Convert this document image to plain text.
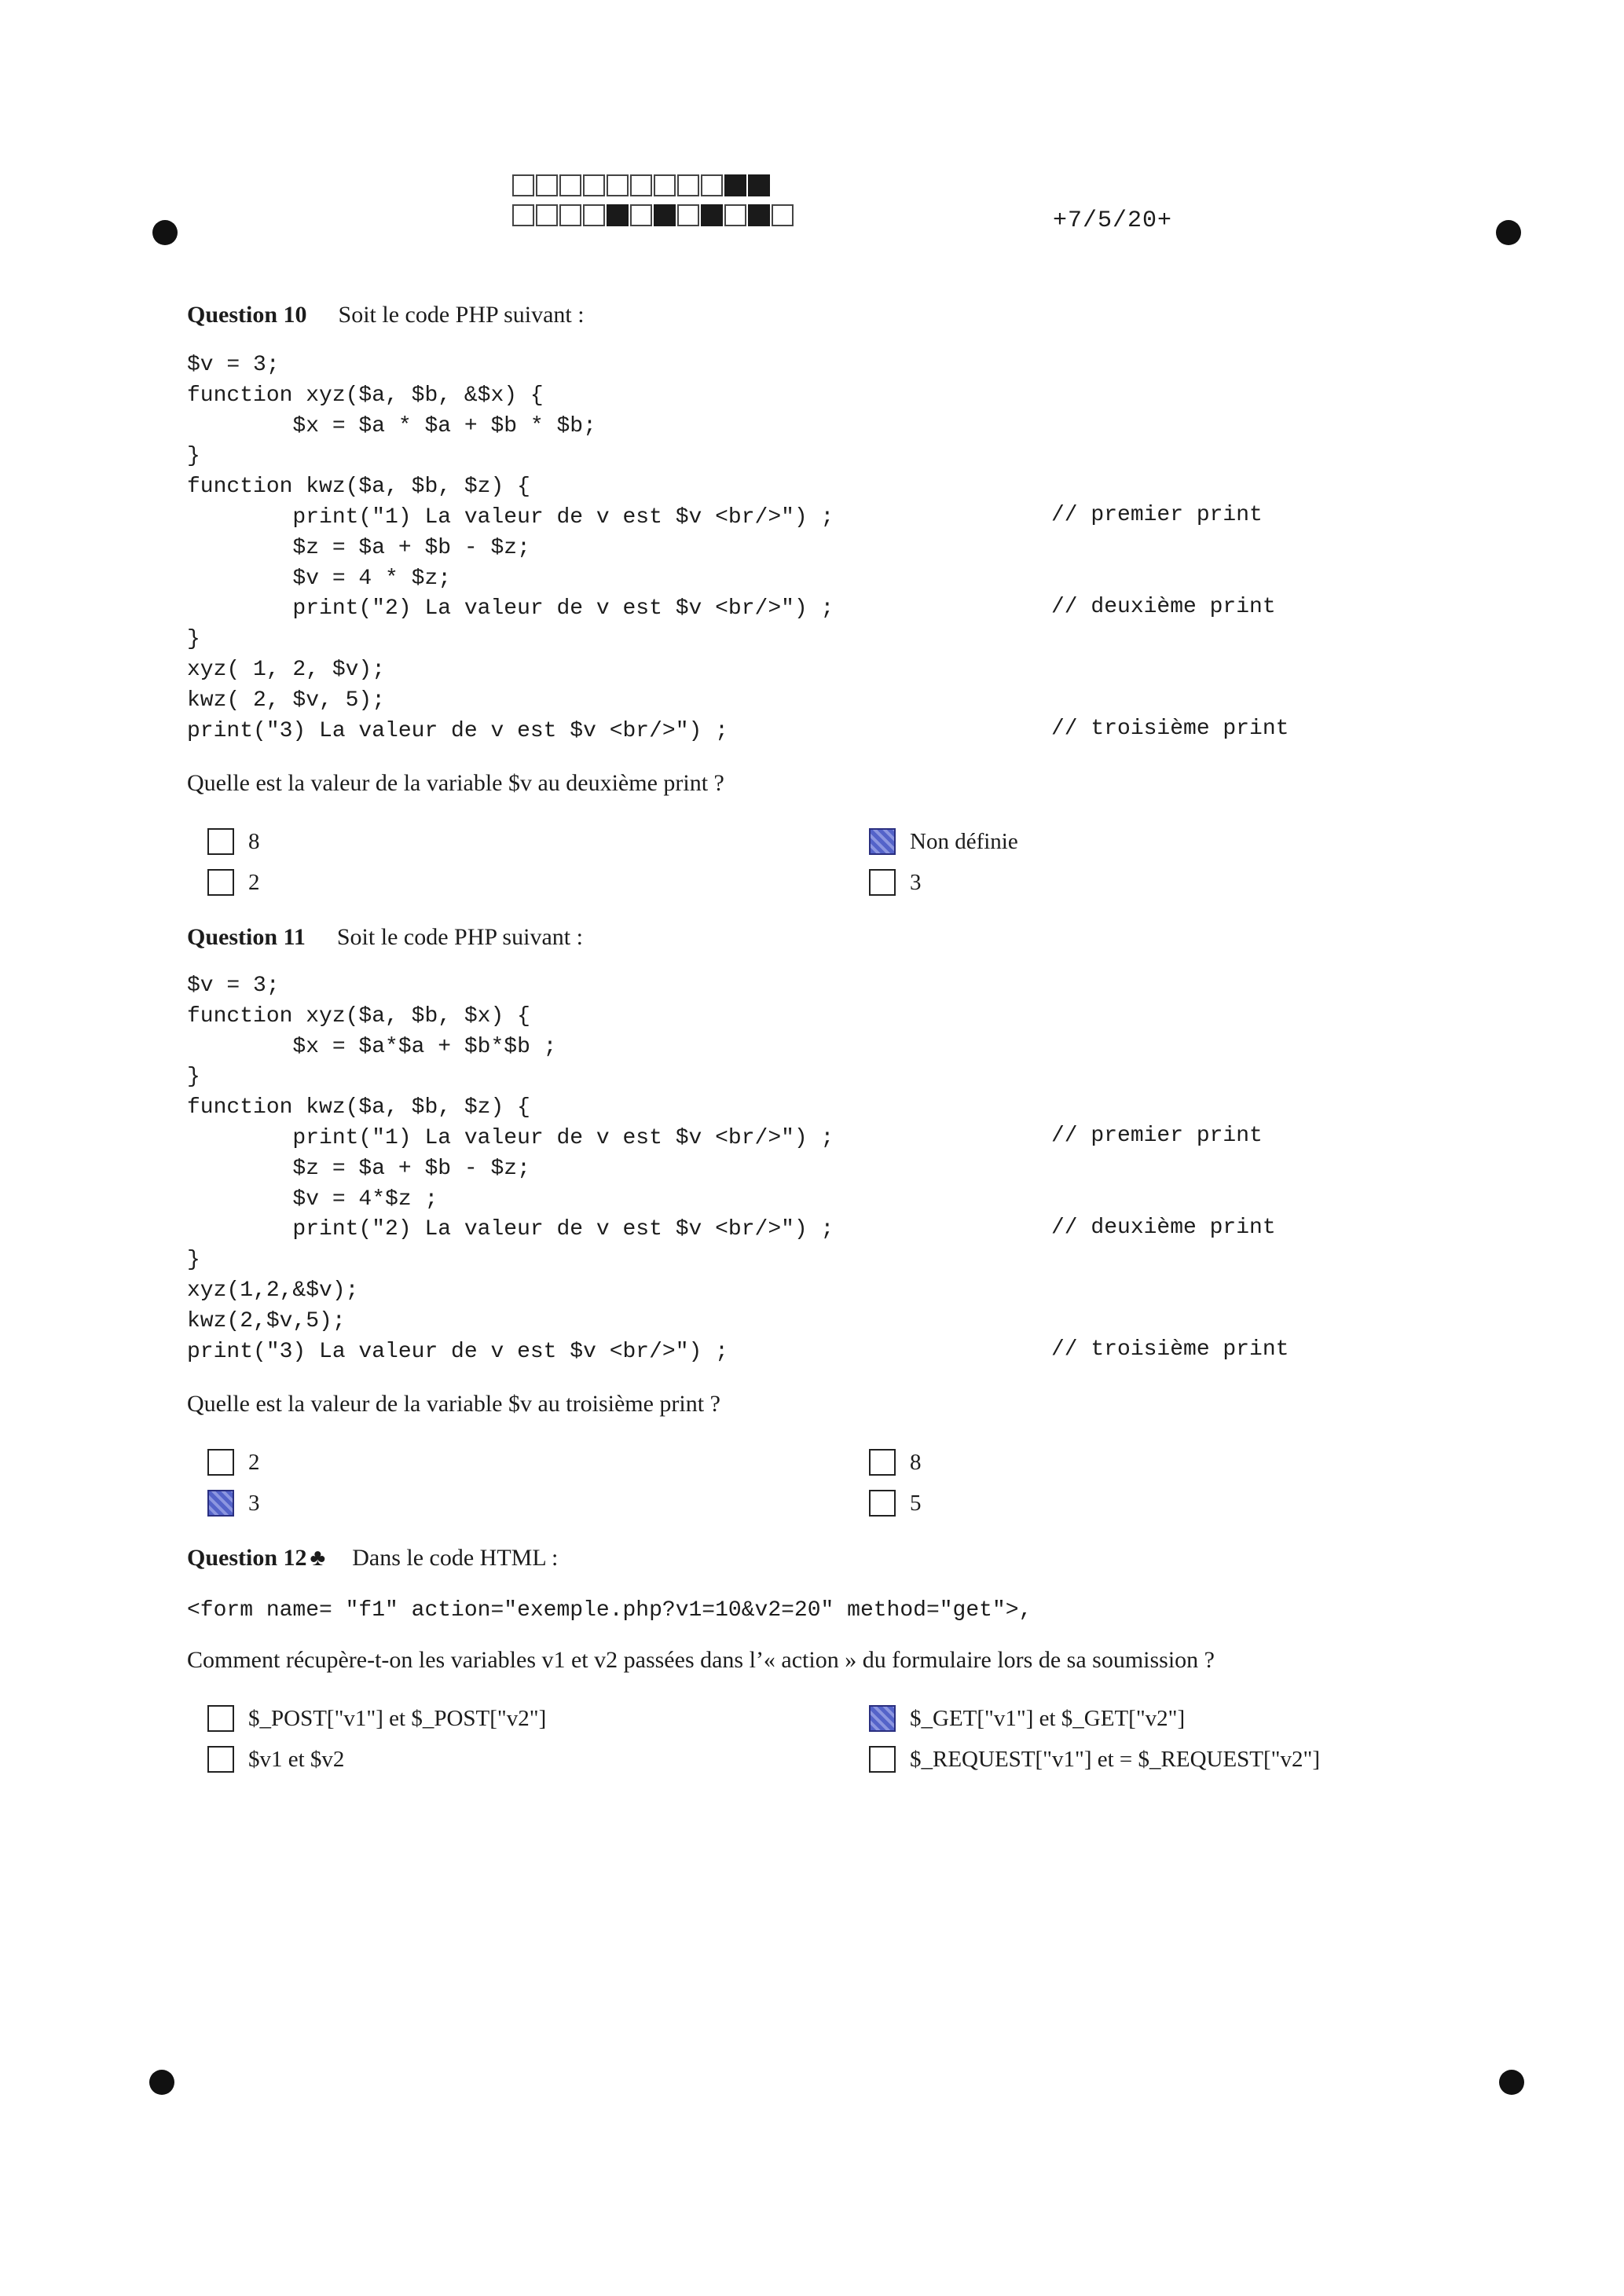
+7/5/20+
Question 10 Soit le code PHP suivant :
$v = 3;
function xyz($a, $b, &$x) {
$x = $a * $a + $b * $b;
}
function kwz($a, $b, $z) {
print("1) La valeur de v est $v <br/>") ;
$z = $a + $b - $z;
$v = 4 * $z;
print("2) La valeur de v est $v <br/>") ;
}
xyz( 1, 2, $v);
kwz( 2, $v, 5);
print("3) La valeur de v est $v <br/>") ;
// premier print
// deuxième print
// troisième print
Quelle est la valeur de la variable $v au deuxième print ?
8
2
Non définie
3
Question 11 Soit le code PHP suivant :
$v = 3;
function xyz($a, $b, $x) {
$x = $a*$a + $b*$b ;
}
function kwz($a, $b, $z) {
print("1) La valeur de v est $v <br/>") ;
$z = $a + $b - $z;
$v = 4*$z ;
print("2) La valeur de v est $v <br/>") ;
}
xyz(1,2,&$v);
kwz(2,$v,5);
print("3) La valeur de v est $v <br/>") ;
// premier print
// deuxième print
// troisième print
Quelle est la valeur de la variable $v au troisième print ?
2
3
8
5
Question 12 ♣ Dans le code HTML :
<form name= "f1" action="exemple.php?v1=10&v2=20" method="get">,
Comment récupère-t-on les variables v1 et v2 passées dans l’« action » du formulaire lors de sa soumission ?
$_POST["v1"] et $_POST["v2"]
$v1 et $v2
$_GET["v1"] et $_GET["v2"]
$_REQUEST["v1"] et = $_REQUEST["v2"]
